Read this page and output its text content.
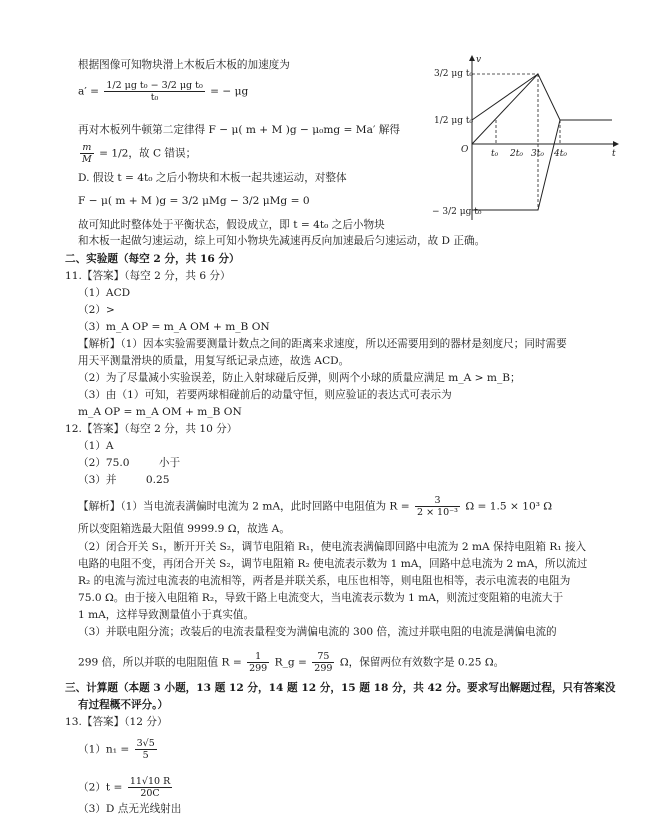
根据图像可知物块滑上木板后木板的加速度为
$a' = \frac{\text{1/2 μg t₀ − 3/2 μg t₀}}{\text{t₀}}$ = − μg
再对木板列牛顿第二定律得 F − μ( m + M )g − μ₀mg = Ma′ 解得
$\frac{m}{M} = 1/2$，故 C 错误；
D. 假设 t = 4t₀ 之后小物块和木板一起共速运动，对整体
F − μ( m + M )g = 3/2 μMg − 3/2 μMg = 0
故可知此时整体处于平衡状态，假设成立，即 t = 4t₀ 之后小物块
和木板一起做匀速运动，综上可知小物块先减速再反向加速最后匀速运动，故 D 正确。
v
t
O
3/2 μg t₀
1/2 μg t₀
− 3/2 μg t₀
t₀ 2t₀ 3t₀ 4t₀
二、实验题（每空 2 分，共 16 分）
11.【答案】（每空 2 分，共 6 分）
（1）ACD
（2）>
（3）m_A OP = m_A OM + m_B ON
【解析】（1）因本实验需要测量计数点之间的距离来求速度，所以还需要用到的器材是刻度尺；同时需要
用天平测量滑块的质量，用复写纸记录点迹，故选 ACD。
（2）为了尽量减小实验误差，防止入射球碰后反弹，则两个小球的质量应满足 m_A > m_B；
（3）由（1）可知，若要两球相碰前后的动量守恒，则应验证的表达式可表示为
m_A OP = m_A OM + m_B ON
12.【答案】（每空 2 分，共 10 分）
（1）A
（2）75.0	小于
（3）并	0.25
【解析】（1）当电流表满偏时电流为 2 mA，此时回路中电阻值为 $R = \frac{3}{\text{2 × 10⁻³}}$ Ω = 1.5 × 10³ Ω
所以变阻箱选最大阻值 9999.9 Ω，故选 A。
（2）闭合开关 S₁，断开开关 S₂，调节电阻箱 R₁，使电流表满偏即回路中电流为 2 mA 保持电阻箱 R₁ 接入
电路的电阻不变，再闭合开关 S₂，调节电阻箱 R₂ 使电流表示数为 1 mA，回路中总电流为 2 mA，所以流过
R₂ 的电流与流过电流表的电流相等，两者是并联关系，电压也相等，则电阻也相等，表示电流表的电阻为
75.0 Ω。由于接入电阻箱 R₂，导致干路上电流变大，当电流表示数为 1 mA，则流过变阻箱的电流大于
1 mA，这样导致测量值小于真实值。
（3）并联电阻分流；改装后的电流表量程变为满偏电流的 300 倍，流过并联电阻的电流是满偏电流的
299 倍，所以并联的电阻阻值 $R = \frac{1}{299}$ R_g = $\frac{75}{299}$ Ω，保留两位有效数字是 0.25 Ω。
三、计算题（本题 3 小题，13 题 12 分，14 题 12 分，15 题 18 分，共 42 分。要求写出解题过程，只有答案没
有过程概不评分。）
13.【答案】（12 分）
$(1)n_1 = \frac{3√5}{5}$
$(2)t = \frac{11√10 R}{20C}$
（3）D 点无光线射出
